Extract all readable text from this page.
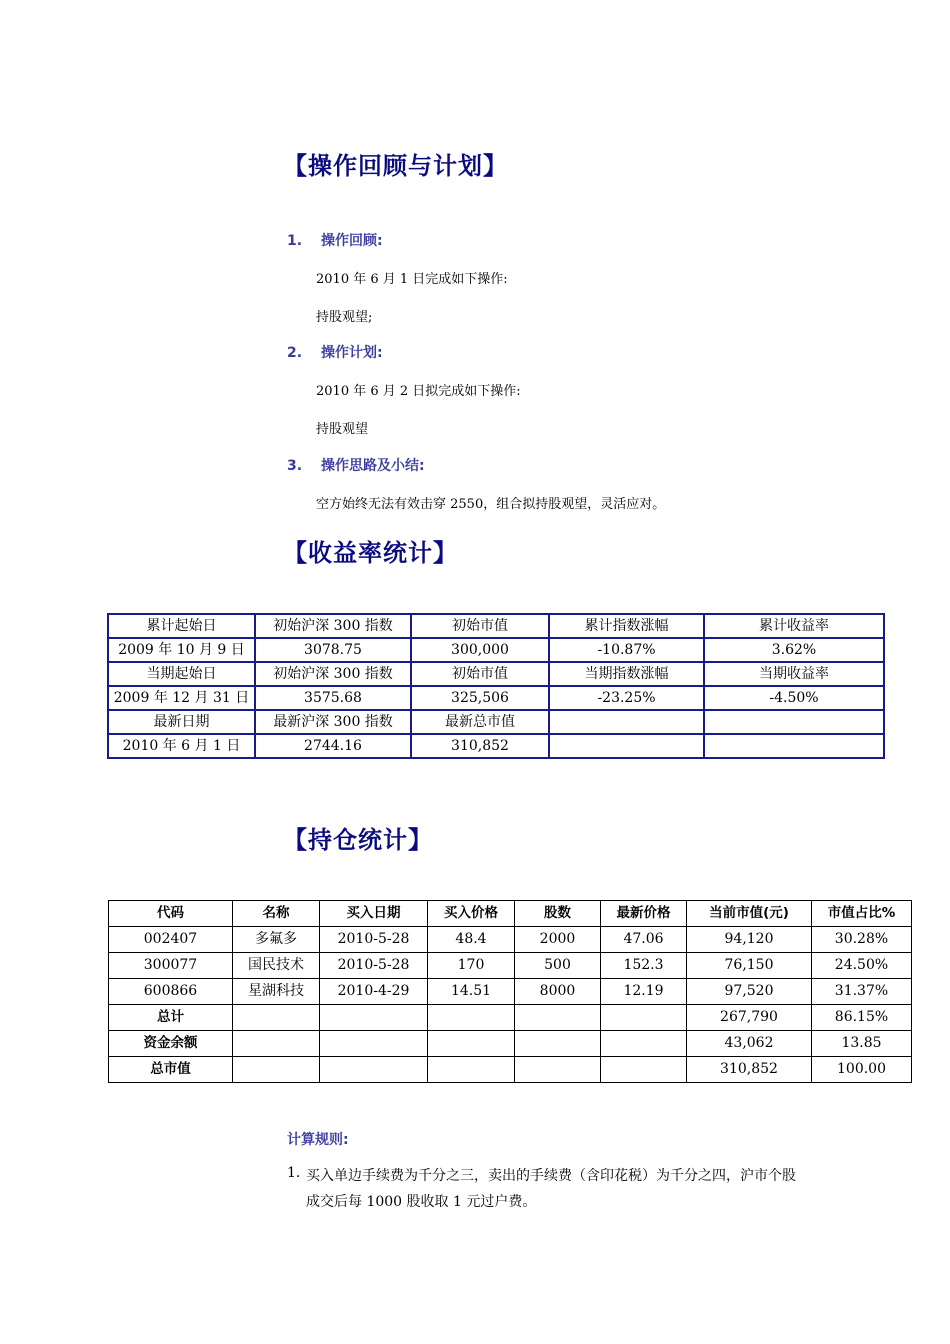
【操作回顾与计划】
1. 操作回顾:
2010 年 6 月 1 日完成如下操作:
持股观望;
2. 操作计划:
2010 年 6 月 2 日拟完成如下操作:
持股观望
3. 操作思路及小结:
空方始终无法有效击穿 2550，组合拟持股观望，灵活应对。
【收益率统计】
累计起始日	初始沪深 300 指数	初始市值	累计指数涨幅	累计收益率
2009 年 10 月 9 日	3078.75	300,000	-10.87%	3.62%
当期起始日	初始沪深 300 指数	初始市值	当期指数涨幅	当期收益率
2009 年 12 月 31 日	3575.68	325,506	-23.25%	-4.50%
最新日期	最新沪深 300 指数	最新总市值		
2010 年 6 月 1 日	2744.16	310,852		
【持仓统计】
代码	名称	买入日期	买入价格	股数	最新价格	当前市值(元)	市值占比%
002407	多氟多	2010-5-28	48.4	2000	47.06	94,120	30.28%
300077	国民技术	2010-5-28	170	500	152.3	76,150	24.50%
600866	星湖科技	2010-4-29	14.51	8000	12.19	97,520	31.37%
总计						267,790	86.15%
资金余额						43,062	13.85
总市值						310,852	100.00
计算规则:
1. 买入单边手续费为千分之三，卖出的手续费（含印花税）为千分之四，沪市个股
成交后每 1000 股收取 1 元过户费。
